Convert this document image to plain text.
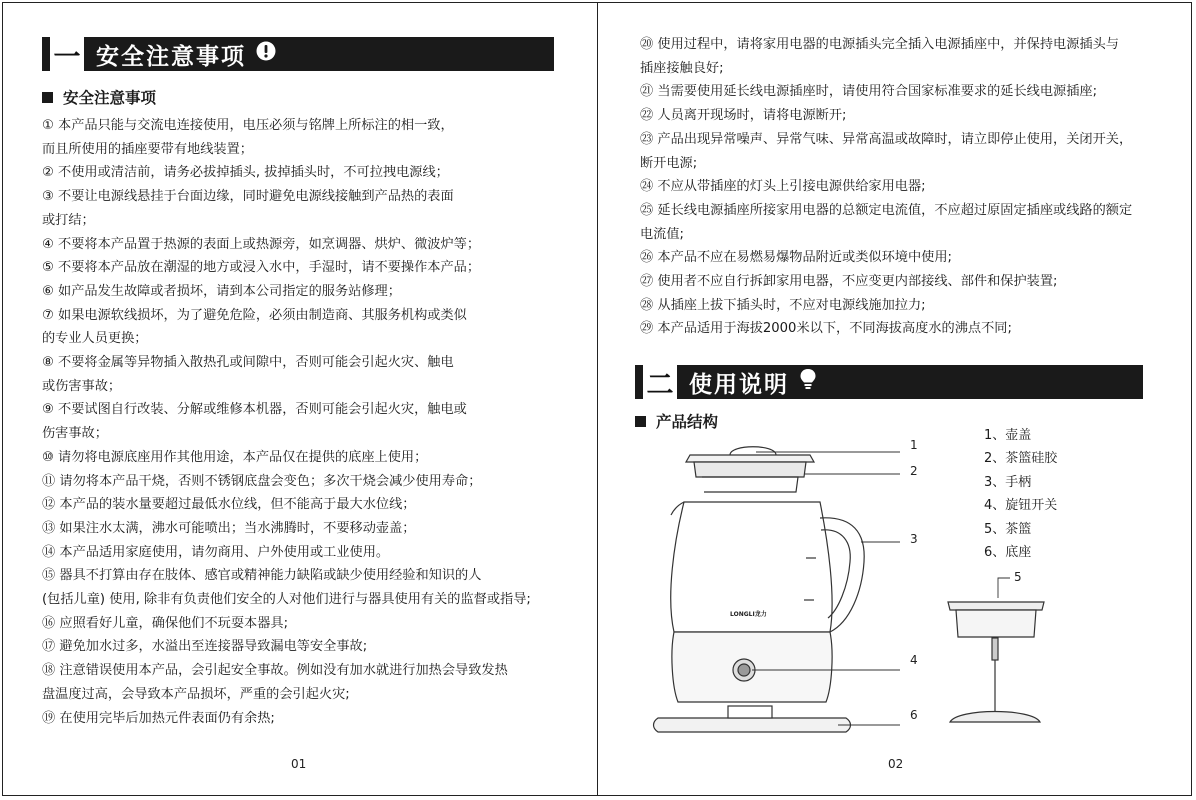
一 安全注意事项
安全注意事项
① 本产品只能与交流电连接使用，电压必须与铭牌上所标注的相一致，
而且所使用的插座要带有地线装置；
② 不使用或清洁前，请务必拔掉插头, 拔掉插头时，不可拉拽电源线；
③ 不要让电源线悬挂于台面边缘，同时避免电源线接触到产品热的表面
或打结；
④ 不要将本产品置于热源的表面上或热源旁，如烹调器、烘炉、微波炉等；
⑤ 不要将本产品放在潮湿的地方或浸入水中，手湿时，请不要操作本产品；
⑥ 如产品发生故障或者损坏，请到本公司指定的服务站修理；
⑦ 如果电源软线损坏，为了避免危险，必须由制造商、其服务机构或类似
的专业人员更换；
⑧ 不要将金属等异物插入散热孔或间隙中，否则可能会引起火灾、触电
或伤害事故；
⑨ 不要试图自行改装、分解或维修本机器，否则可能会引起火灾，触电或
伤害事故；
⑩ 请勿将电源底座用作其他用途，本产品仅在提供的底座上使用；
⑪ 请勿将本产品干烧，否则不锈钢底盘会变色；多次干烧会减少使用寿命；
⑫ 本产品的装水量要超过最低水位线，但不能高于最大水位线；
⑬ 如果注水太满，沸水可能喷出；当水沸腾时，不要移动壶盖；
⑭ 本产品适用家庭使用，请勿商用、户外使用或工业使用。
⑮ 器具不打算由存在肢体、感官或精神能力缺陷或缺少使用经验和知识的人
(包括儿童) 使用, 除非有负责他们安全的人对他们进行与器具使用有关的监督或指导;
⑯ 应照看好儿童，确保他们不玩耍本器具;
⑰ 避免加水过多，水溢出至连接器导致漏电等安全事故;
⑱ 注意错误使用本产品，会引起安全事故。例如没有加水就进行加热会导致发热
盘温度过高，会导致本产品损坏，严重的会引起火灾;
⑲ 在使用完毕后加热元件表面仍有余热;
01
⑳ 使用过程中，请将家用电器的电源插头完全插入电源插座中，并保持电源插头与
插座接触良好;
㉑ 当需要使用延长线电源插座时，请使用符合国家标准要求的延长线电源插座;
㉒ 人员离开现场时，请将电源断开;
㉓ 产品出现异常噪声、异常气味、异常高温或故障时，请立即停止使用，关闭开关，
断开电源;
㉔ 不应从带插座的灯头上引接电源供给家用电器;
㉕ 延长线电源插座所接家用电器的总额定电流值，不应超过原固定插座或线路的额定
电流值;
㉖ 本产品不应在易燃易爆物品附近或类似环境中使用;
㉗ 使用者不应自行拆卸家用电器，不应变更内部接线、部件和保护装置;
㉘ 从插座上拔下插头时，不应对电源线施加拉力;
㉙ 本产品适用于海拔2000米以下，不同海拔高度水的沸点不同;
二 使用说明
产品结构
1、壶盖
2、茶篮硅胶
3、手柄
4、旋钮开关
5、茶篮
6、底座
1
2
3
4
5
6
LONGLI龙力
02
